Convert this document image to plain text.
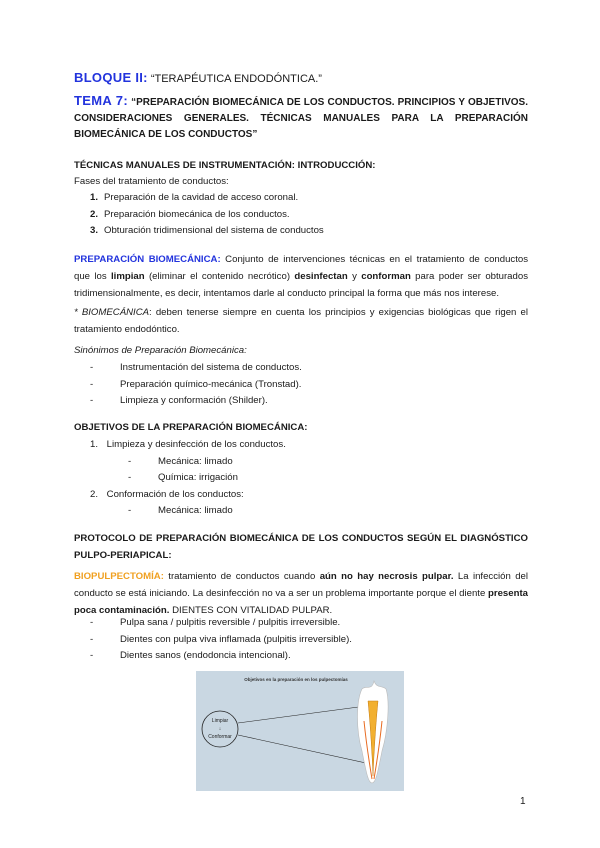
BLOQUE II: “TERAPÉUTICA ENDODÓNTICA.”
TEMA 7: “PREPARACIÓN BIOMECÁNICA DE LOS CONDUCTOS. PRINCIPIOS Y OBJETIVOS. CONSIDERACIONES GENERALES. TÉCNICAS MANUALES PARA LA PREPARACIÓN BIOMECÁNICA DE LOS CONDUCTOS”
TÉCNICAS MANUALES DE INSTRUMENTACIÓN: INTRODUCCIÓN:
Fases del tratamiento de conductos:
1. Preparación de la cavidad de acceso coronal.
2. Preparación biomecánica de los conductos.
3. Obturación tridimensional del sistema de conductos
PREPARACIÓN BIOMECÁNICA: Conjunto de intervenciones técnicas en el tratamiento de conductos que los limpian (eliminar el contenido necrótico) desinfectan y conforman para poder ser obturados tridimensionalmente, es decir, intentamos darle al conducto principal la forma que más nos interese.
* BIOMECÁNICA: deben tenerse siempre en cuenta los principios y exigencias biológicas que rigen el tratamiento endodóntico.
Sinónimos de Preparación Biomecánica:
-	Instrumentación del sistema de conductos.
-	Preparación químico-mecánica (Tronstad).
-	Limpieza y conformación (Shilder).
OBJETIVOS DE LA PREPARACIÓN BIOMECÁNICA:
1. Limpieza y desinfección de los conductos.
-	Mecánica: limado
-	Química: irrigación
2. Conformación de los conductos:
-	Mecánica: limado
PROTOCOLO DE PREPARACIÓN BIOMECÁNICA DE LOS CONDUCTOS SEGÚN EL DIAGNÓSTICO PULPO-PERIAPICAL:
BIOPULPECTOMÍA: tratamiento de conductos cuando aún no hay necrosis pulpar. La infección del conducto se está iniciando. La desinfección no va a ser un problema importante porque el diente presenta poca contaminación. DIENTES CON VITALIDAD PULPAR.
-	Pulpa sana / pulpitis reversible / pulpitis irreversible.
-	Dientes con pulpa viva inflamada (pulpitis irreversible).
-	Dientes sanos (endodoncia intencional).
Objetivos en la preparación en los pulpectomías
Limpiar
↓
Conformar
1
